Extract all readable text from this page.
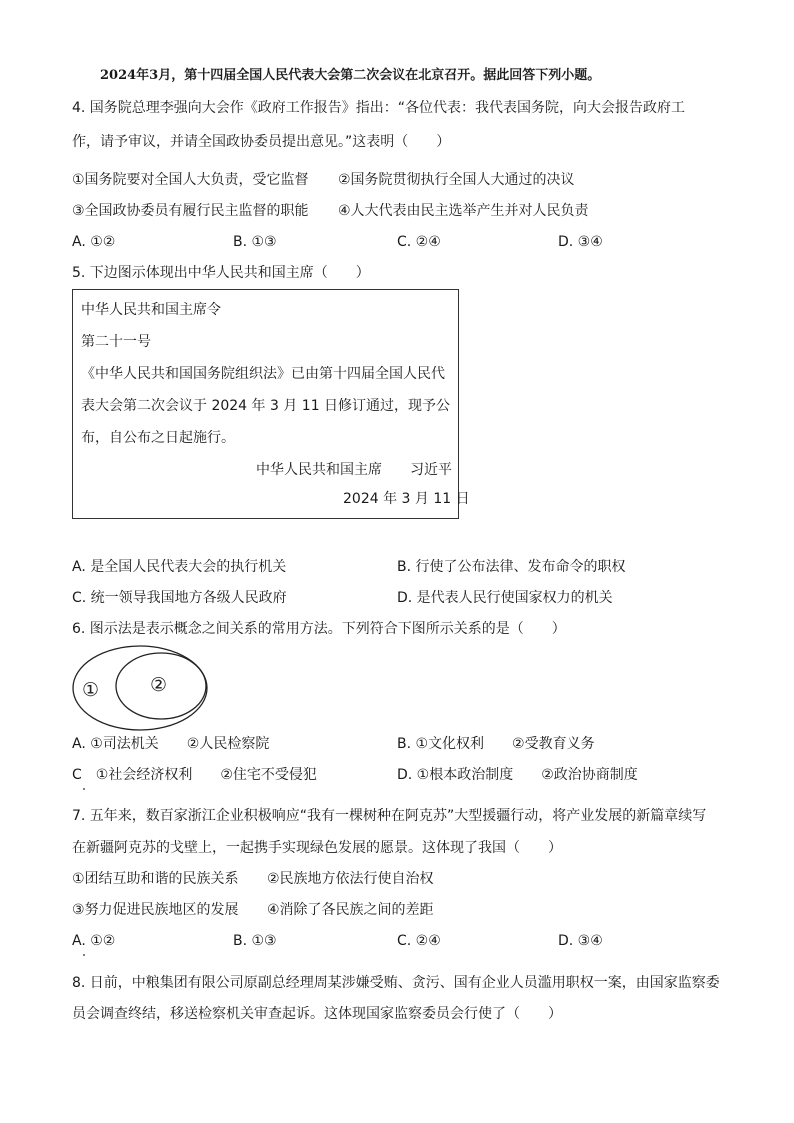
2024年3月，第十四届全国人民代表大会第二次会议在北京召开。据此回答下列小题。
4. 国务院总理李强向大会作《政府工作报告》指出：“各位代表：我代表国务院，向大会报告政府工
作，请予审议，并请全国政协委员提出意见。”这表明（　　）
①国务院要对全国人大负责，受它监督 ②国务院贯彻执行全国人大通过的决议
③全国政协委员有履行民主监督的职能 ④人大代表由民主选举产生并对人民负责
A. ①②	B. ①③	C. ②④	D. ③④
5. 下边图示体现出中华人民共和国主席（　　）
中华人民共和国主席令
第二十一号
《中华人民共和国国务院组织法》已由第十四届全国人民代
表大会第二次会议于 2024 年 3 月 11 日修订通过，现予公
布，自公布之日起施行。
中华人民共和国主席　　习近平
2024 年 3 月 11 日
A. 是全国人民代表大会的执行机关	B. 行使了公布法律、发布命令的职权
C. 统一领导我国地方各级人民政府	D. 是代表人民行使国家权力的机关
6. 图示法是表示概念之间关系的常用方法。下列符合下图所示关系的是（　　）
①	②
A. ①司法机关　　②人民检察院	B. ①文化权利　　②受教育义务
C　①社会经济权利　　②住宅不受侵犯	D. ①根本政治制度　　②政治协商制度
7. 五年来，数百家浙江企业积极响应“我有一棵树种在阿克苏”大型援疆行动，将产业发展的新篇章续写
在新疆阿克苏的戈壁上，一起携手实现绿色发展的愿景。这体现了我国（　　）
①团结互助和谐的民族关系 ②民族地方依法行使自治权
③努力促进民族地区的发展 ④消除了各民族之间的差距
A. ①②	B. ①③	C. ②④	D. ③④
8. 日前，中粮集团有限公司原副总经理周某涉嫌受贿、贪污、国有企业人员滥用职权一案，由国家监察委
员会调查终结，移送检察机关审查起诉。这体现国家监察委员会行使了（　　）
